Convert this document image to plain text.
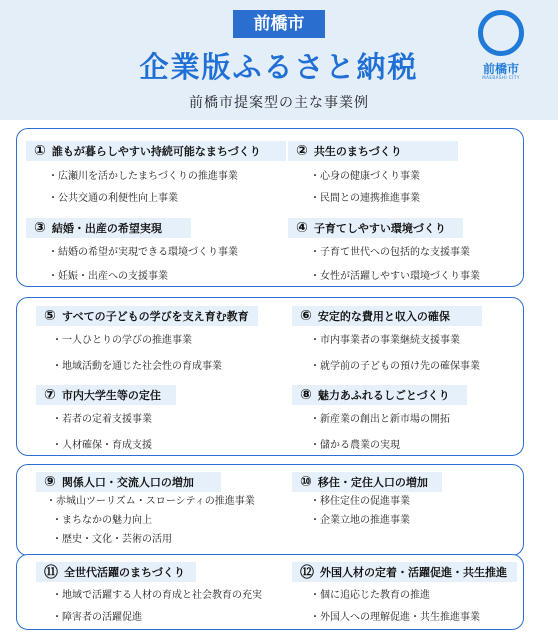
前橋市
企業版ふるさと納税
前橋市提案型の主な事業例
前橋市
MAEBASHI CITY
① 誰もが暮らしやすい持続可能なまちづくり
・広瀬川を活かしたまちづくりの推進事業
・公共交通の利便性向上事業
② 共生のまちづくり
・心身の健康づくり事業
・民間との連携推進事業
③ 結婚・出産の希望実現
・結婚の希望が実現できる環境づくり事業
・妊娠・出産への支援事業
④ 子育てしやすい環境づくり
・子育て世代への包括的な支援事業
・女性が活躍しやすい環境づくり事業
⑤ すべての子どもの学びを支え育む教育
・一人ひとりの学びの推進事業
・地域活動を通じた社会性の育成事業
⑥ 安定的な費用と収入の確保
・市内事業者の事業継続支援事業
・就学前の子どもの預け先の確保事業
⑦ 市内大学生等の定住
・若者の定着支援事業
・人材確保・育成支援
⑧ 魅力あふれるしごとづくり
・新産業の創出と新市場の開拓
・儲かる農業の実現
⑨ 関係人口・交流人口の増加
・赤城山ツーリズム・スローシティの推進事業
・まちなかの魅力向上
・歴史・文化・芸術の活用
⑩ 移住・定住人口の増加
・移住定住の促進事業
・企業立地の推進事業
⑪ 全世代活躍のまちづくり
・地域で活躍する人材の育成と社会教育の充実
・障害者の活躍促進
⑫ 外国人材の定着・活躍促進・共生推進
・個に追応じた教育の推進
・外国人への理解促進・共生推進事業
